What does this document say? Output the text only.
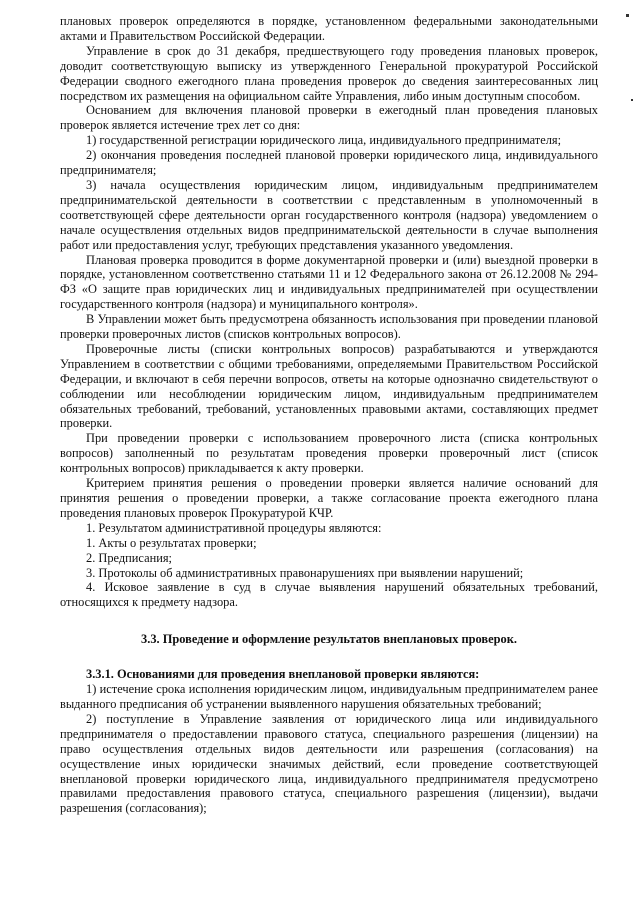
плановых проверок определяются в порядке, установленном федеральными законодательными актами и Правительством Российской Федерации.

Управление в срок до 31 декабря, предшествующего году проведения плановых проверок, доводит соответствующую выписку из утвержденного Генеральной прокуратурой Российской Федерации сводного ежегодного плана проведения проверок до сведения заинтересованных лиц посредством их размещения на официальном сайте Управления, либо иным доступным способом.

Основанием для включения плановой проверки в ежегодный план проведения плановых проверок является истечение трех лет со дня:

1) государственной регистрации юридического лица, индивидуального предпринимателя;

2) окончания проведения последней плановой проверки юридического лица, индивидуального предпринимателя;

3) начала осуществления юридическим лицом, индивидуальным предпринимателем предпринимательской деятельности в соответствии с представленным в уполномоченный в соответствующей сфере деятельности орган государственного контроля (надзора) уведомлением о начале осуществления отдельных видов предпринимательской деятельности в случае выполнения работ или предоставления услуг, требующих представления указанного уведомления.

Плановая проверка проводится в форме документарной проверки и (или) выездной проверки в порядке, установленном соответственно статьями 11 и 12 Федерального закона от 26.12.2008 № 294-ФЗ «О защите прав юридических лиц и индивидуальных предпринимателей при осуществлении государственного контроля (надзора) и муниципального контроля».

В Управлении может быть предусмотрена обязанность использования при проведении плановой проверки проверочных листов (списков контрольных вопросов).

Проверочные листы (списки контрольных вопросов) разрабатываются и утверждаются Управлением в соответствии с общими требованиями, определяемыми Правительством Российской Федерации, и включают в себя перечни вопросов, ответы на которые однозначно свидетельствуют о соблюдении или несоблюдении юридическим лицом, индивидуальным предпринимателем обязательных требований, требований, установленных правовыми актами, составляющих предмет проверки.

При проведении проверки с использованием проверочного листа (списка контрольных вопросов) заполненный по результатам проведения проверки проверочный лист (список контрольных вопросов) прикладывается к акту проверки.

Критерием принятия решения о проведении проверки является наличие оснований для принятия решения о проведении проверки, а также согласование проекта ежегодного плана проведения плановых проверок Прокуратурой КЧР.

1. Результатом административной процедуры являются:

1. Акты о результатах проверки;

2. Предписания;

3. Протоколы об административных правонарушениях при выявлении нарушений;

4. Исковое заявление в суд в случае выявления нарушений обязательных требований, относящихся к предмету надзора.

3.3. Проведение и оформление результатов внеплановых проверок.

3.3.1. Основаниями для проведения внеплановой проверки являются:

1) истечение срока исполнения юридическим лицом, индивидуальным предпринимателем ранее выданного предписания об устранении выявленного нарушения обязательных требований;

2) поступление в Управление заявления от юридического лица или индивидуального предпринимателя о предоставлении правового статуса, специального разрешения (лицензии) на право осуществления отдельных видов деятельности или разрешения (согласования) на осуществление иных юридически значимых действий, если проведение соответствующей внеплановой проверки юридического лица, индивидуального предпринимателя предусмотрено правилами предоставления правового статуса, специального разрешения (лицензии), выдачи разрешения (согласования);
